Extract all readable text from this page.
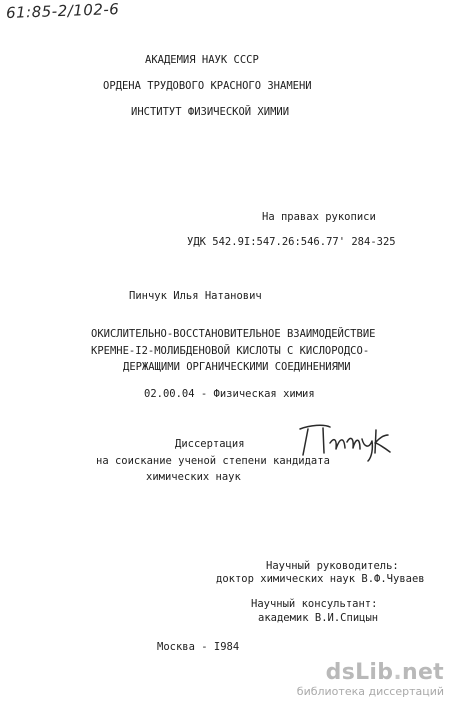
61:85-2/102-6
АКАДЕМИЯ НАУК СССР
ОРДЕНА ТРУДОВОГО КРАСНОГО ЗНАМЕНИ
ИНСТИТУТ ФИЗИЧЕСКОЙ ХИМИИ
На правах рукописи
УДК 542.9I:547.26:546.77' 284-325
Пинчук Илья Натанович
ОКИСЛИТЕЛЬНО-ВОССТАНОВИТЕЛЬНОЕ ВЗАИМОДЕЙСТВИЕ
КРЕМНЕ-I2-МОЛИБДЕНОВОЙ КИСЛОТЫ С КИСЛОРОДСО-
ДЕРЖАЩИМИ ОРГАНИЧЕСКИМИ СОЕДИНЕНИЯМИ
02.00.04 - Физическая химия
Диссертация
на соискание ученой степени кандидата
химических наук
Научный руководитель:
доктор химических наук В.Ф.Чуваев
Научный консультант:
академик В.И.Спицын
Москва - I984
dsLib.net
библиотека диссертаций
